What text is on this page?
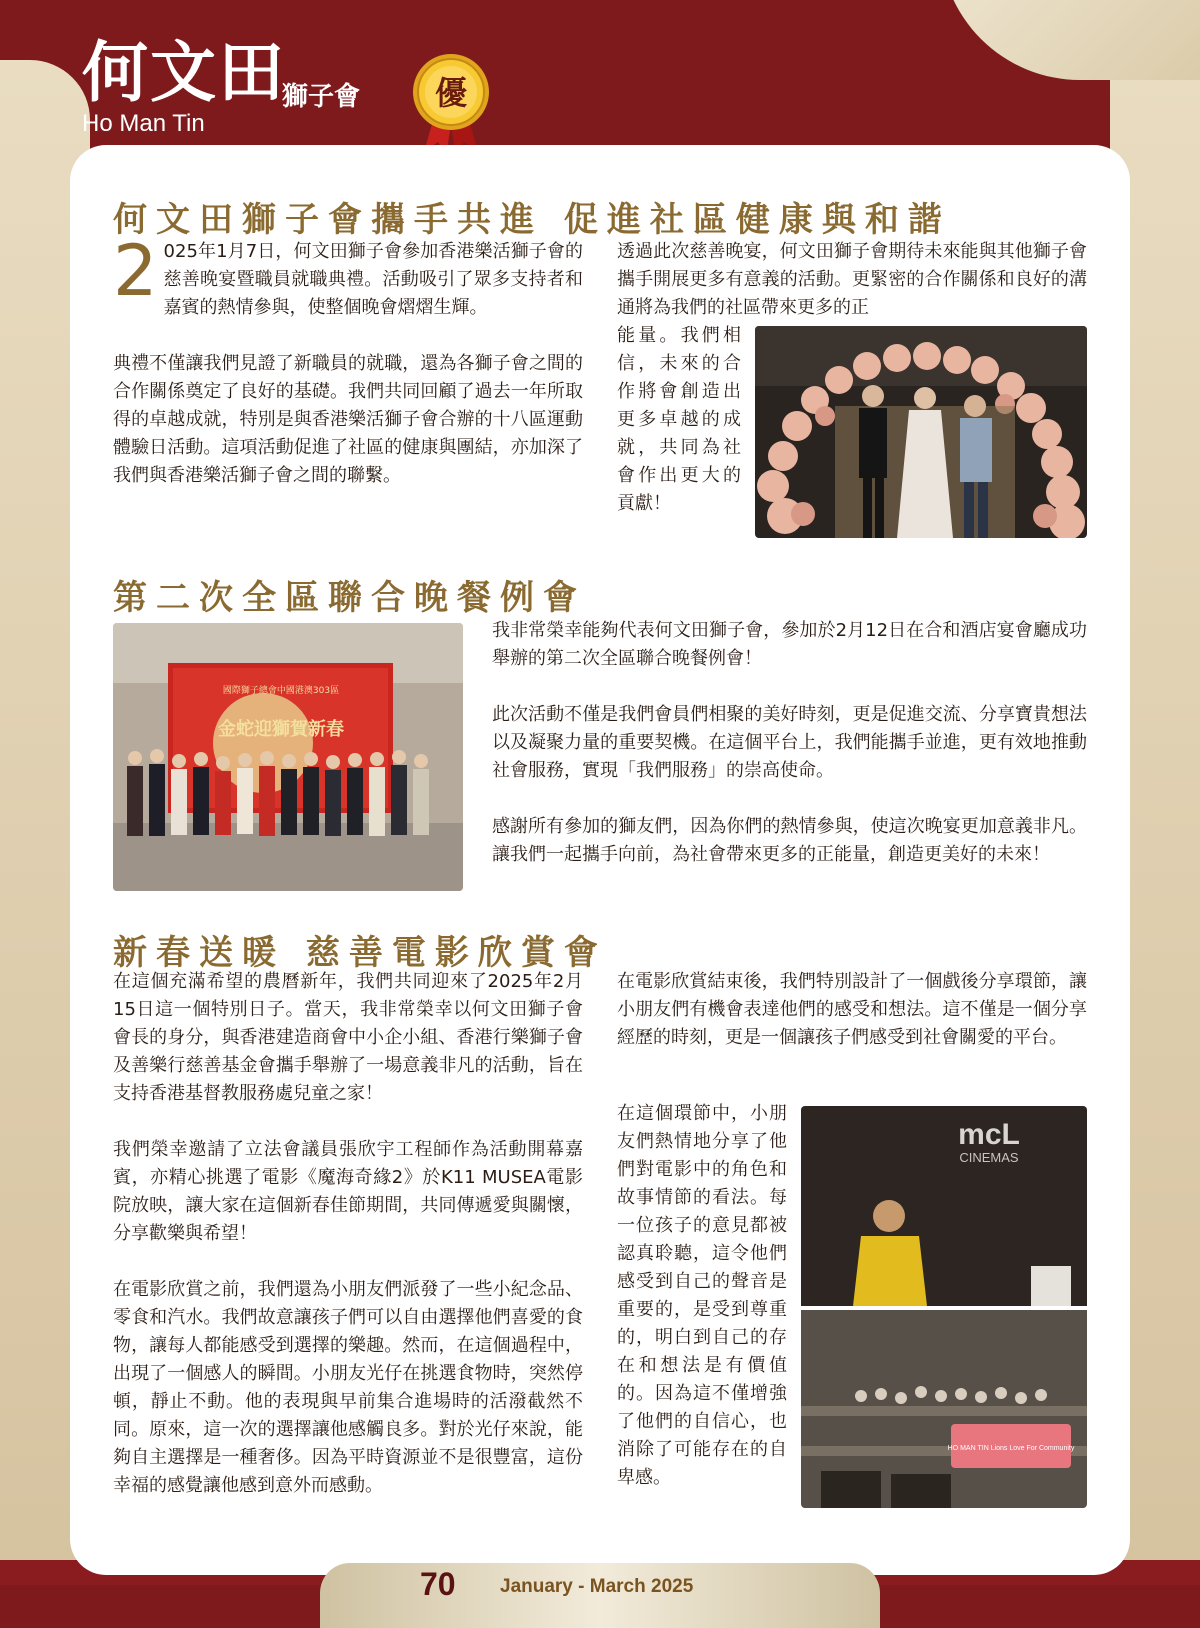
何文田
獅子會
Ho Man Tin
優
何文田獅子會攜手共進 促進社區健康與和諧

2 025年1月7日，何文田獅子會參加香港樂活獅子會的慈善晚宴暨職員就職典禮。活動吸引了眾多支持者和嘉賓的熱情參與，使整個晚會熠熠生輝。

典禮不僅讓我們見證了新職員的就職，還為各獅子會之間的合作關係奠定了良好的基礎。我們共同回顧了過去一年所取得的卓越成就，特別是與香港樂活獅子會合辦的十八區運動體驗日活動。這項活動促進了社區的健康與團結，亦加深了我們與香港樂活獅子會之間的聯繫。

透過此次慈善晚宴，何文田獅子會期待未來能與其他獅子會攜手開展更多有意義的活動。更緊密的合作關係和良好的溝通將為我們的社區帶來更多的正
能量。我們相信，未來的合作將會創造出更多卓越的成就，共同為社會作出更大的貢獻！
第二次全區聯合晚餐例會
國際獅子總會中國港澳303區
金蛇迎獅賀新春

我非常榮幸能夠代表何文田獅子會，參加於2月12日在合和酒店宴會廳成功舉辦的第二次全區聯合晚餐例會！

此次活動不僅是我們會員們相聚的美好時刻，更是促進交流、分享寶貴想法以及凝聚力量的重要契機。在這個平台上，我們能攜手並進，更有效地推動社會服務，實現「我們服務」的崇高使命。

感謝所有參加的獅友們，因為你們的熱情參與，使這次晚宴更加意義非凡。讓我們一起攜手向前，為社會帶來更多的正能量，創造更美好的未來！

新春送暖 慈善電影欣賞會

在這個充滿希望的農曆新年，我們共同迎來了2025年2月15日這一個特別日子。當天，我非常榮幸以何文田獅子會會長的身分，與香港建造商會中小企小組、香港行樂獅子會及善樂行慈善基金會攜手舉辦了一場意義非凡的活動，旨在支持香港基督教服務處兒童之家！

我們榮幸邀請了立法會議員張欣宇工程師作為活動開幕嘉賓，亦精心挑選了電影《魔海奇緣2》於K11 MUSEA電影院放映，讓大家在這個新春佳節期間，共同傳遞愛與關懷，分享歡樂與希望！

在電影欣賞之前，我們還為小朋友們派發了一些小紀念品、零食和汽水。我們故意讓孩子們可以自由選擇他們喜愛的食物，讓每人都能感受到選擇的樂趣。然而，在這個過程中，出現了一個感人的瞬間。小朋友光仔在挑選食物時，突然停頓，靜止不動。他的表現與早前集合進場時的活潑截然不同。原來，這一次的選擇讓他感觸良多。對於光仔來說，能夠自主選擇是一種奢侈。因為平時資源並不是很豐富，這份幸福的感覺讓他感到意外而感動。

在電影欣賞結束後，我們特別設計了一個戲後分享環節，讓小朋友們有機會表達他們的感受和想法。這不僅是一個分享經歷的時刻，更是一個讓孩子們感受到社會關愛的平台。
在這個環節中，小朋友們熱情地分享了他們對電影中的角色和故事情節的看法。每一位孩子的意見都被認真聆聽，這令他們感受到自己的聲音是重要的，是受到尊重的，明白到自己的存在和想法是有價值的。因為這不僅增強了他們的自信心，也消除了可能存在的自卑感。
mcL
CINEMAS
HO MAN TIN Lions Love For Community
70 January - March 2025
